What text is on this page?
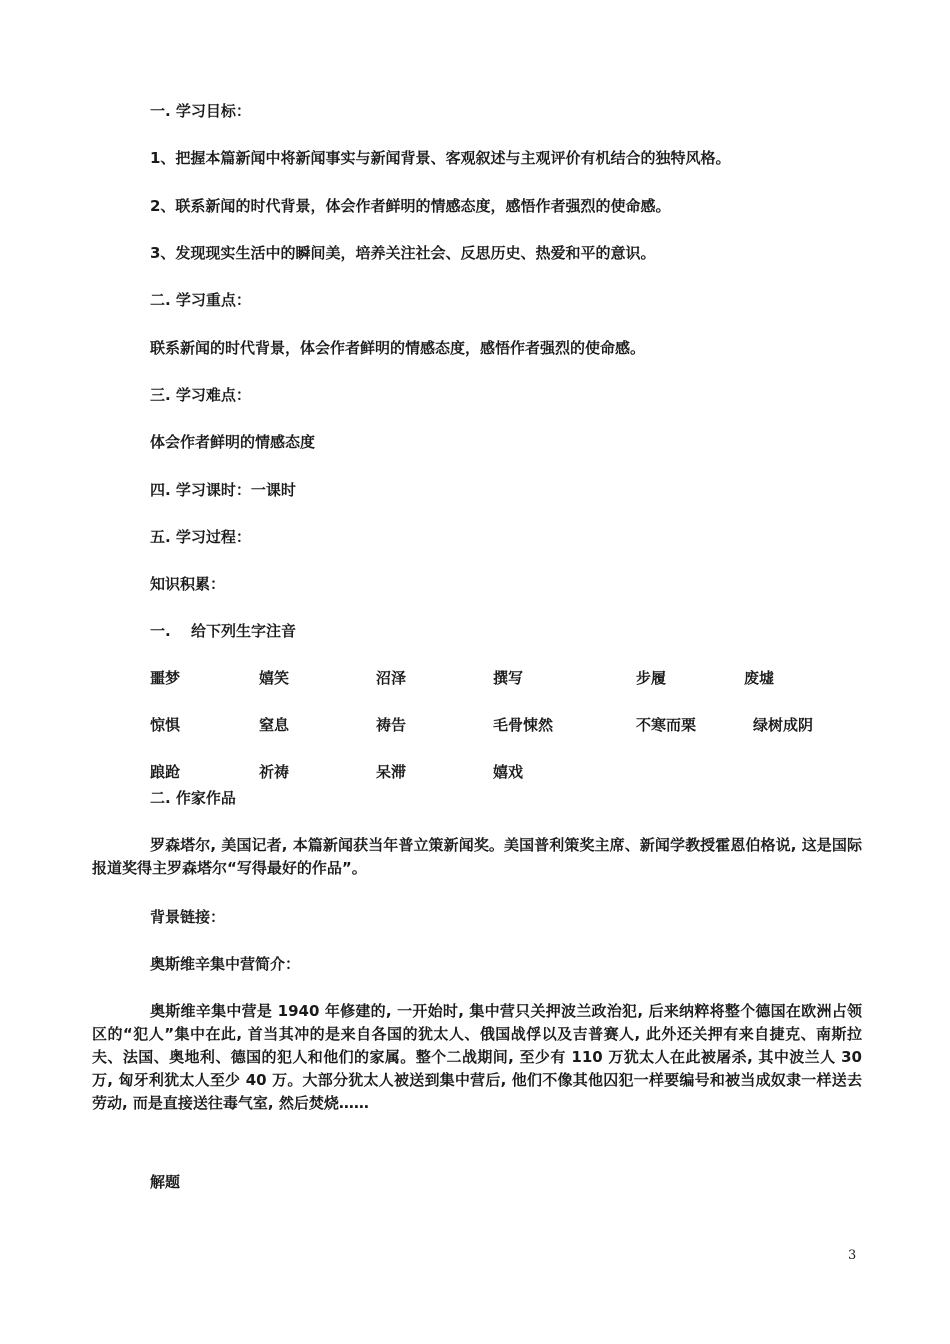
一. 学习目标：
1、把握本篇新闻中将新闻事实与新闻背景、客观叙述与主观评价有机结合的独特风格。
2、联系新闻的时代背景，体会作者鲜明的情感态度，感悟作者强烈的使命感。
3、发现现实生活中的瞬间美，培养关注社会、反思历史、热爱和平的意识。
二. 学习重点：
联系新闻的时代背景，体会作者鲜明的情感态度，感悟作者强烈的使命感。
三. 学习难点：
体会作者鲜明的情感态度
四. 学习课时：一课时
五. 学习过程：
知识积累：
一. 给下列生字注音
噩梦	嬉笑	沼泽	撰写	步履	废墟
惊惧	窒息	祷告	毛骨悚然	不寒而栗	绿树成阴
踉跄	祈祷	呆滞	嬉戏
二. 作家作品
罗森塔尔, 美国记者, 本篇新闻获当年普立策新闻奖。美国普利策奖主席、新闻学教授霍恩伯格说, 这是国际报道奖得主罗森塔尔“写得最好的作品”。
背景链接：
奥斯维辛集中营简介：
奥斯维辛集中营是 1940 年修建的, 一开始时, 集中营只关押波兰政治犯, 后来纳粹将整个德国在欧洲占领区的“犯人”集中在此, 首当其冲的是来自各国的犹太人、俄国战俘以及吉普赛人, 此外还关押有来自捷克、南斯拉夫、法国、奥地利、德国的犯人和他们的家属。整个二战期间, 至少有 110 万犹太人在此被屠杀, 其中波兰人 30 万, 匈牙利犹太人至少 40 万。大部分犹太人被送到集中营后, 他们不像其他囚犯一样要编号和被当成奴隶一样送去劳动, 而是直接送往毒气室, 然后焚烧……
解题
3
